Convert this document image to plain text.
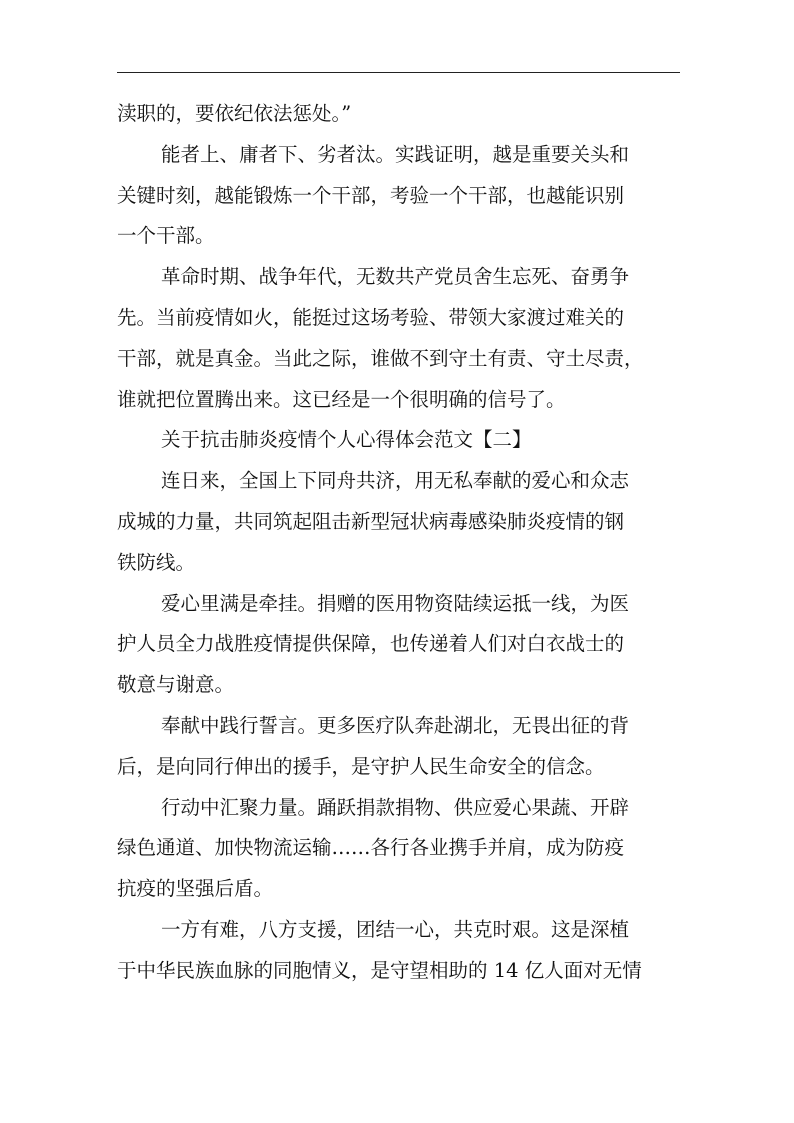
渎职的，要依纪依法惩处。”
能者上、庸者下、劣者汰。实践证明，越是重要关头和
关键时刻，越能锻炼一个干部，考验一个干部，也越能识别
一个干部。
革命时期、战争年代，无数共产党员舍生忘死、奋勇争
先。当前疫情如火，能挺过这场考验、带领大家渡过难关的
干部，就是真金。当此之际，谁做不到守土有责、守土尽责，
谁就把位置腾出来。这已经是一个很明确的信号了。
关于抗击肺炎疫情个人心得体会范文【二】
连日来，全国上下同舟共济，用无私奉献的爱心和众志
成城的力量，共同筑起阻击新型冠状病毒感染肺炎疫情的钢
铁防线。
爱心里满是牵挂。捐赠的医用物资陆续运抵一线，为医
护人员全力战胜疫情提供保障，也传递着人们对白衣战士的
敬意与谢意。
奉献中践行誓言。更多医疗队奔赴湖北，无畏出征的背
后，是向同行伸出的援手，是守护人民生命安全的信念。
行动中汇聚力量。踊跃捐款捐物、供应爱心果蔬、开辟
绿色通道、加快物流运输……各行各业携手并肩，成为防疫
抗疫的坚强后盾。
一方有难，八方支援，团结一心，共克时艰。这是深植
于中华民族血脉的同胞情义，是守望相助的 14 亿人面对无情
